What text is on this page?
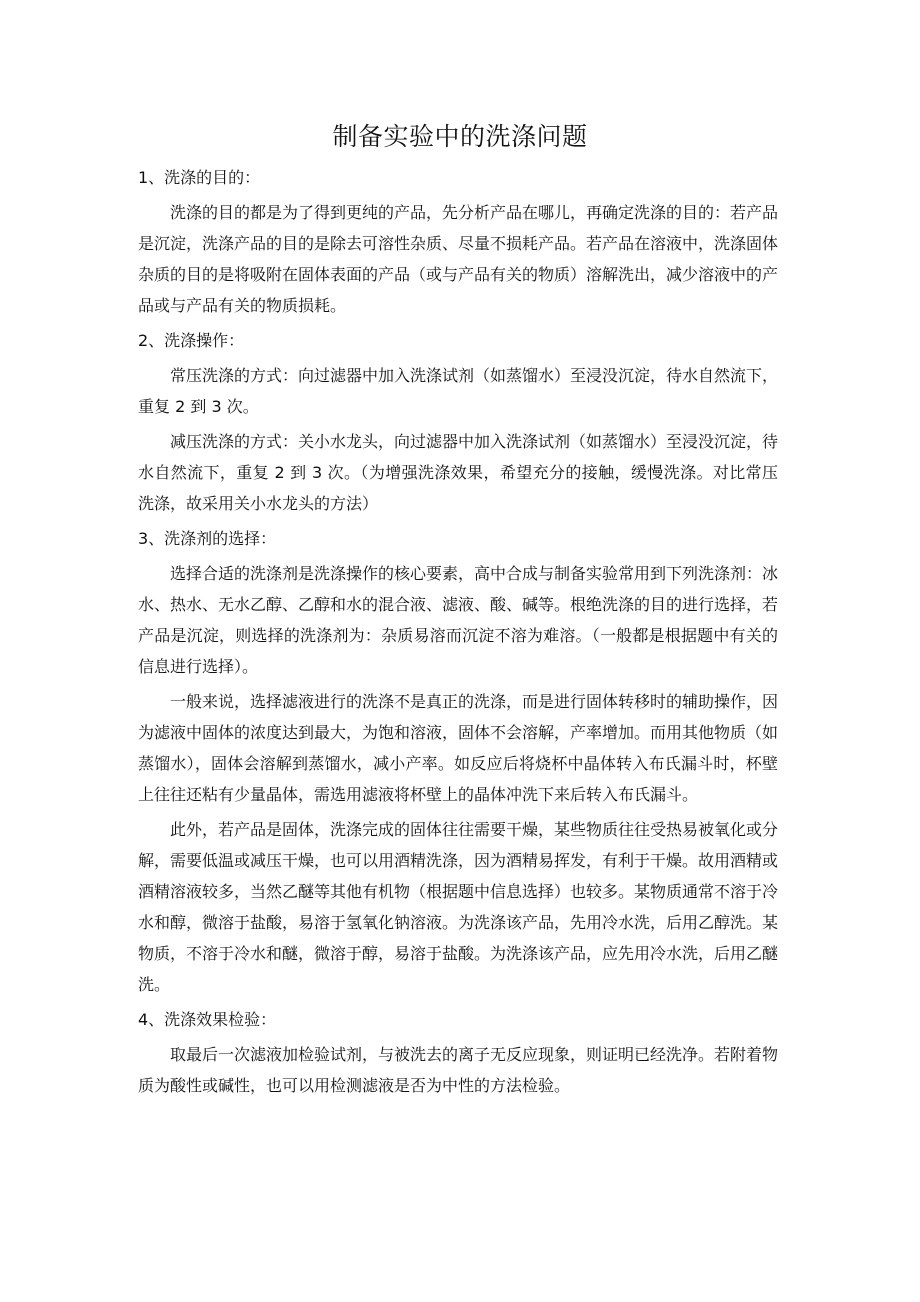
制备实验中的洗涤问题
1、洗涤的目的：

洗涤的目的都是为了得到更纯的产品，先分析产品在哪儿，再确定洗涤的目的：若产品是沉淀，洗涤产品的目的是除去可溶性杂质、尽量不损耗产品。若产品在溶液中，洗涤固体杂质的目的是将吸附在固体表面的产品（或与产品有关的物质）溶解洗出，减少溶液中的产品或与产品有关的物质损耗。

2、洗涤操作：

常压洗涤的方式：向过滤器中加入洗涤试剂（如蒸馏水）至浸没沉淀，待水自然流下，重复 2 到 3 次。

减压洗涤的方式：关小水龙头，向过滤器中加入洗涤试剂（如蒸馏水）至浸没沉淀，待水自然流下，重复 2 到 3 次。（为增强洗涤效果，希望充分的接触，缓慢洗涤。对比常压洗涤，故采用关小水龙头的方法）

3、洗涤剂的选择：

选择合适的洗涤剂是洗涤操作的核心要素，高中合成与制备实验常用到下列洗涤剂：冰水、热水、无水乙醇、乙醇和水的混合液、滤液、酸、碱等。根绝洗涤的目的进行选择，若产品是沉淀，则选择的洗涤剂为：杂质易溶而沉淀不溶为难溶。（一般都是根据题中有关的信息进行选择）。

一般来说，选择滤液进行的洗涤不是真正的洗涤，而是进行固体转移时的辅助操作，因为滤液中固体的浓度达到最大，为饱和溶液，固体不会溶解，产率增加。而用其他物质（如蒸馏水），固体会溶解到蒸馏水，减小产率。如反应后将烧杯中晶体转入布氏漏斗时，杯壁上往往还粘有少量晶体，需选用滤液将杯壁上的晶体冲洗下来后转入布氏漏斗。

此外，若产品是固体，洗涤完成的固体往往需要干燥，某些物质往往受热易被氧化或分解，需要低温或减压干燥，也可以用酒精洗涤，因为酒精易挥发，有利于干燥。故用酒精或酒精溶液较多，当然乙醚等其他有机物（根据题中信息选择）也较多。某物质通常不溶于冷水和醇，微溶于盐酸，易溶于氢氧化钠溶液。为洗涤该产品，先用冷水洗，后用乙醇洗。某物质，不溶于冷水和醚，微溶于醇，易溶于盐酸。为洗涤该产品，应先用冷水洗，后用乙醚洗。

4、洗涤效果检验：

取最后一次滤液加检验试剂，与被洗去的离子无反应现象，则证明已经洗净。若附着物质为酸性或碱性，也可以用检测滤液是否为中性的方法检验。
